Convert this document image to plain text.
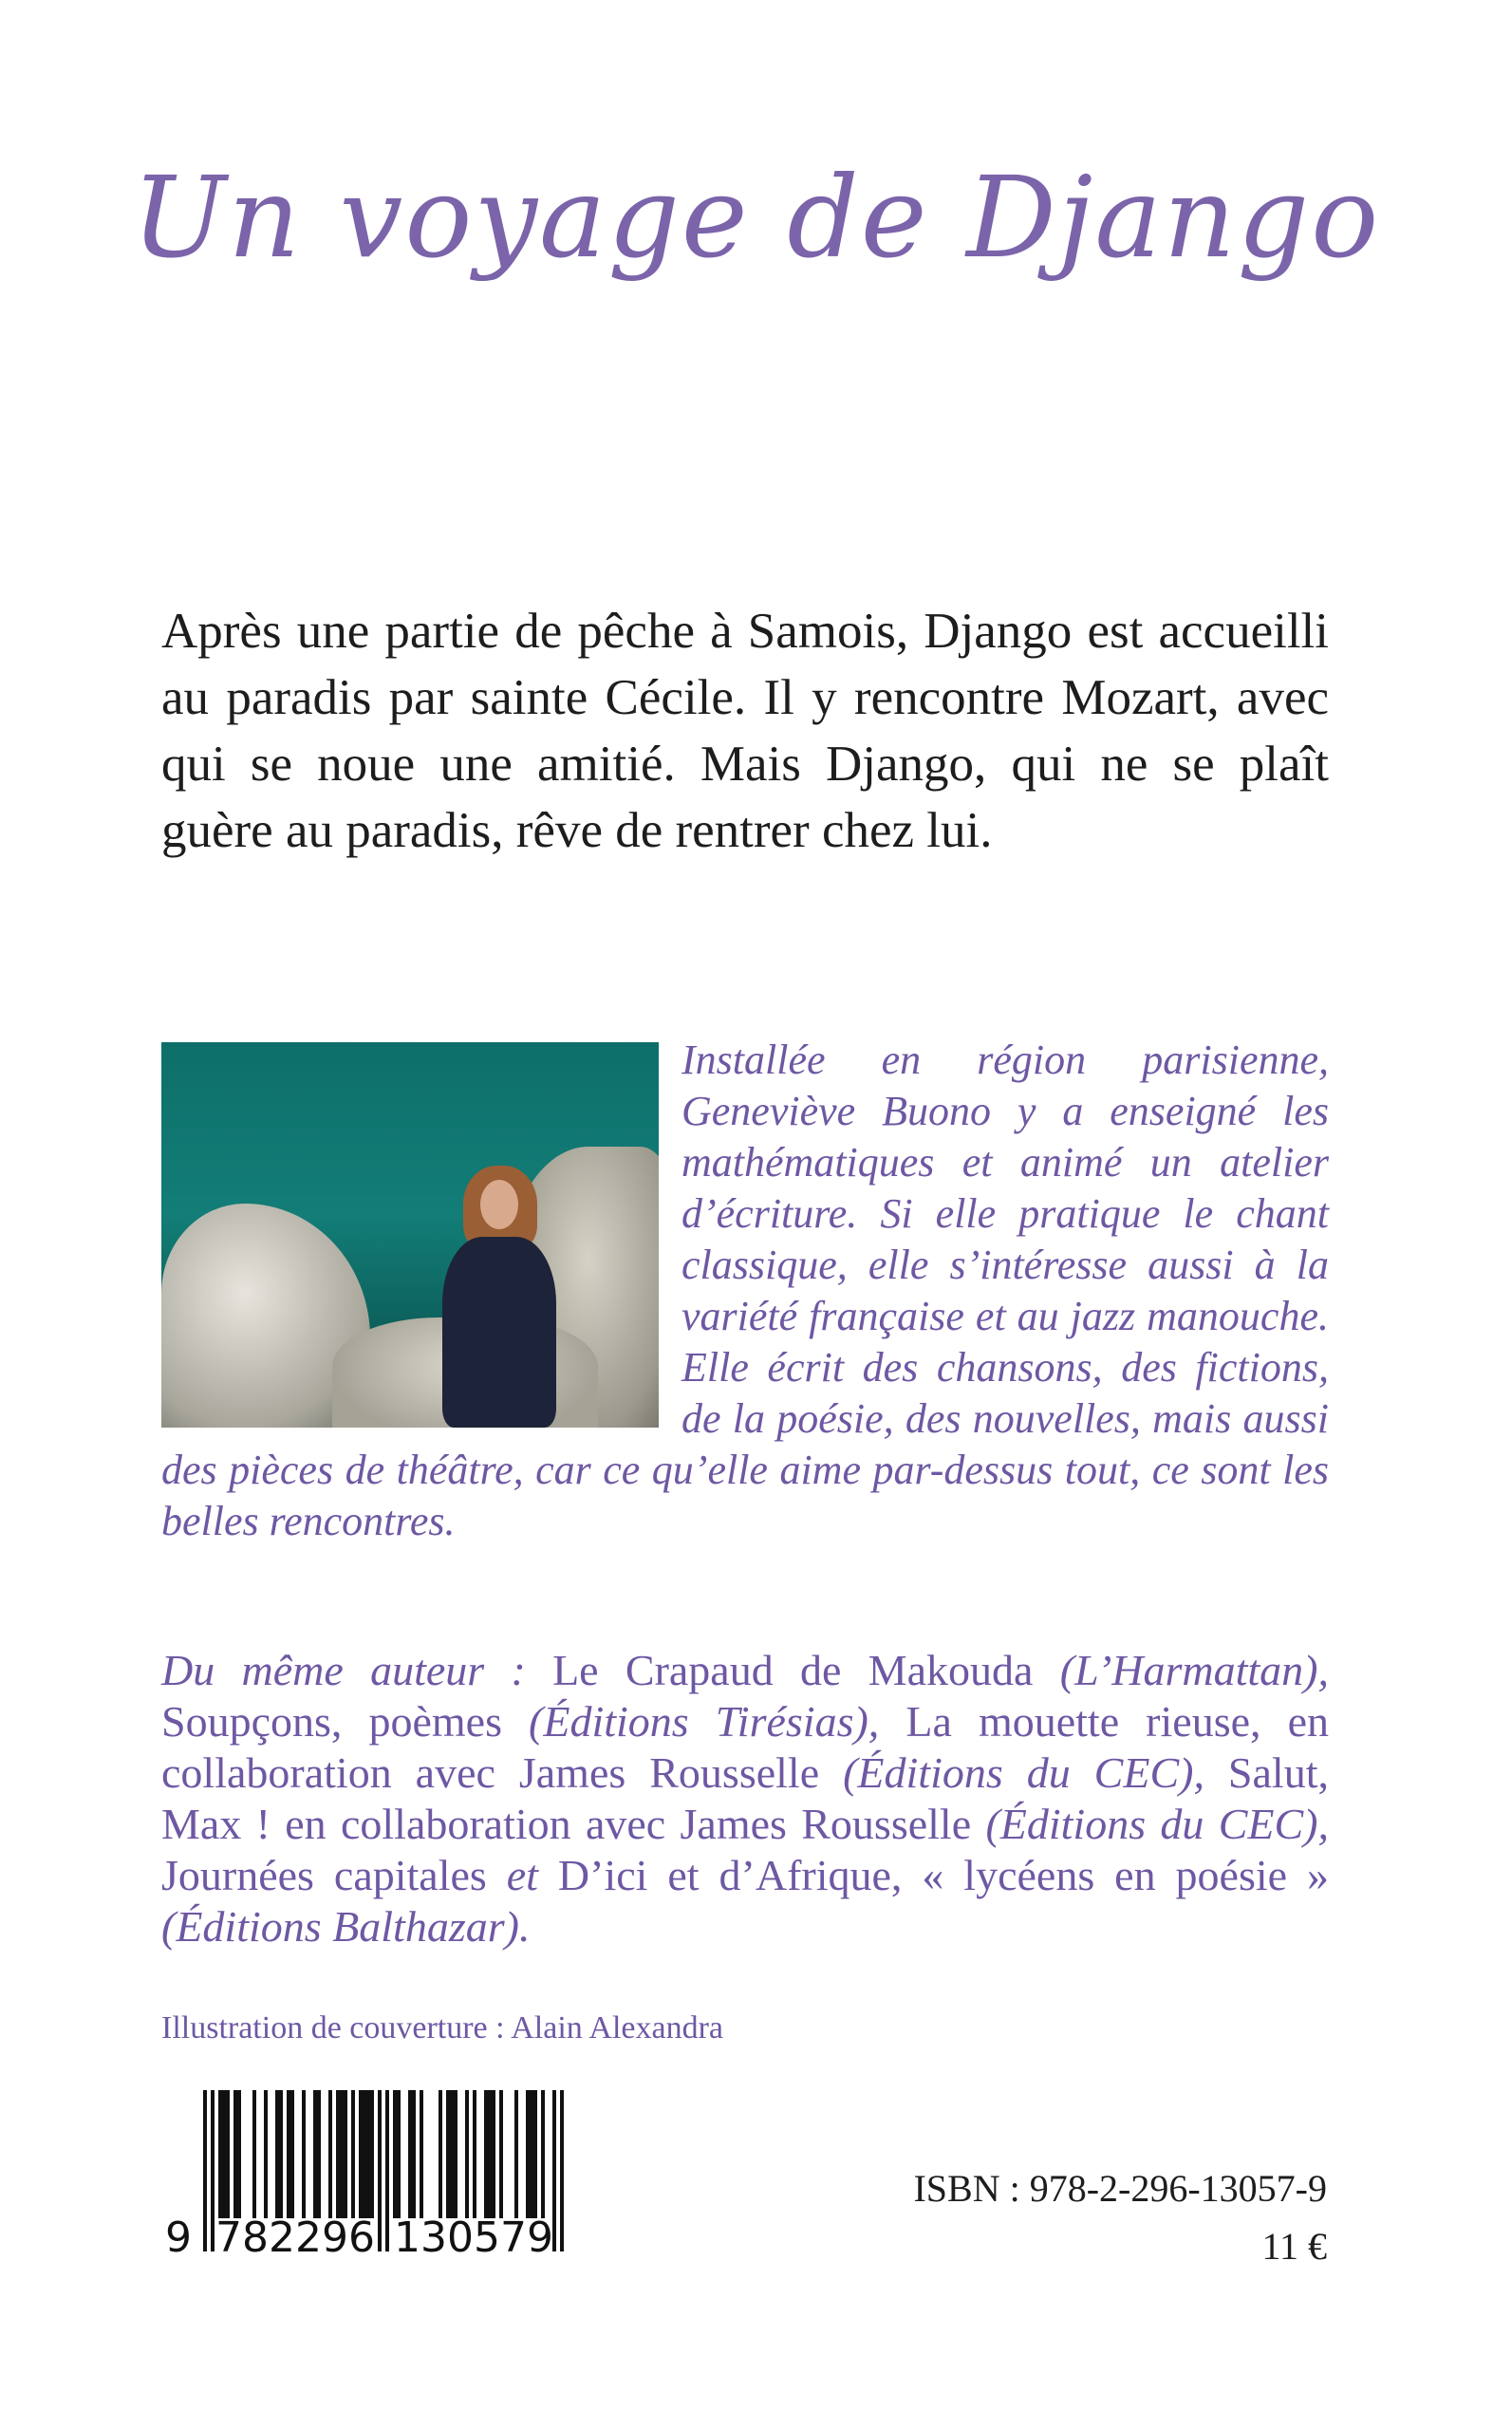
Un voyage de Django
Après une partie de pêche à Samois, Django est accueilli au paradis par sainte Cécile. Il y rencontre Mozart, avec qui se noue une amitié. Mais Django, qui ne se plaît guère au paradis, rêve de rentrer chez lui.
Installée en région parisienne, Geneviève Buono y a enseigné les mathématiques et animé un atelier d’écriture. Si elle pratique le chant classique, elle s’intéresse aussi à la variété française et au jazz manouche. Elle écrit des chansons, des fictions, de la poésie, des nouvelles, mais aussi des pièces de théâtre, car ce qu’elle aime par-dessus tout, ce sont les belles rencontres.
Du même auteur : Le Crapaud de Makouda (L’Harmattan), Soupçons, poèmes (Éditions Tirésias), La mouette rieuse, en collaboration avec James Rousselle (Éditions du CEC), Salut, Max ! en collaboration avec James Rousselle (Éditions du CEC), Journées capitales et D’ici et d’Afrique, « lycéens en poésie » (Éditions Balthazar).
Illustration de couverture : Alain Alexandra
9 7 8 2 2 9 6 1 3 0 5 7 9
ISBN : 978-2-296-13057-9
11 €
